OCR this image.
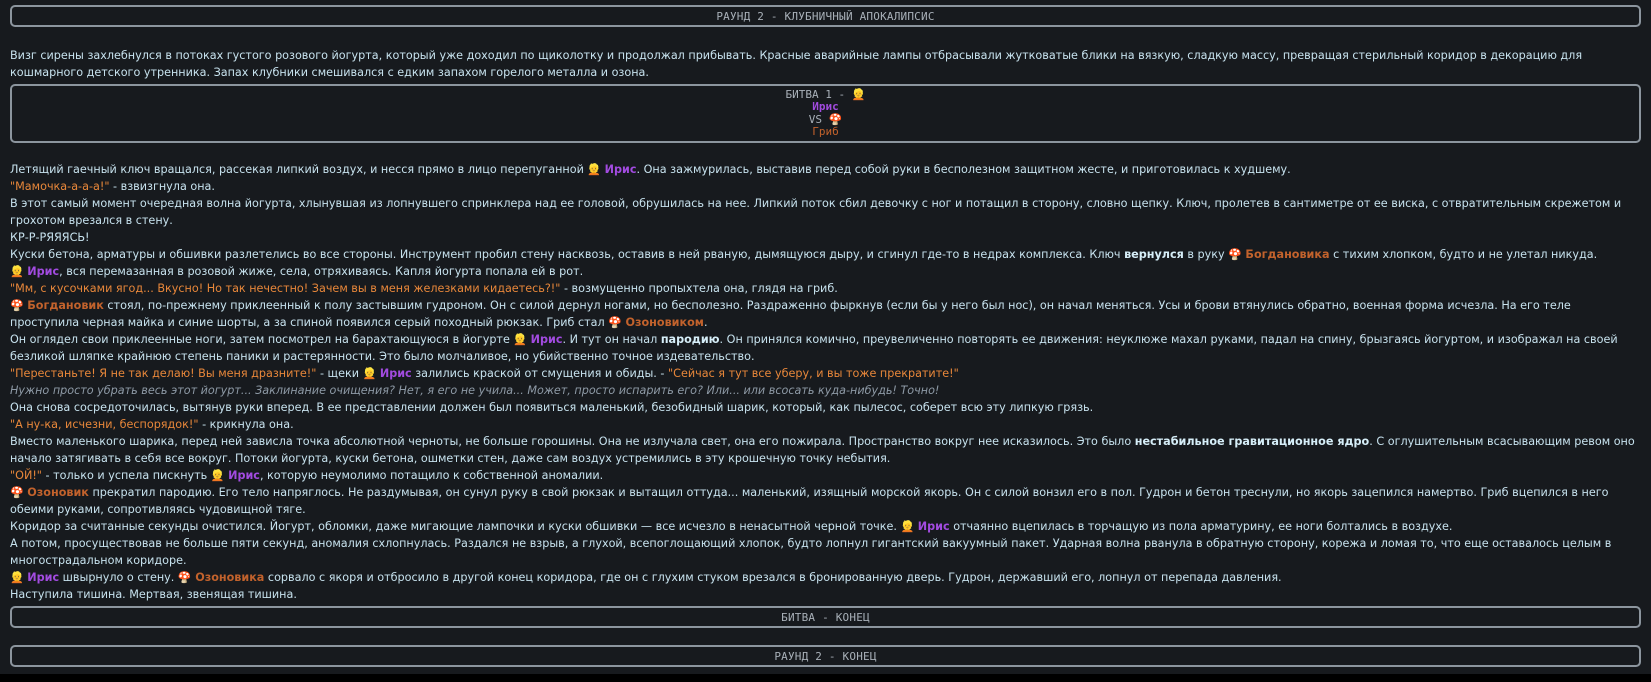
РАУНД 2 - КЛУБНИЧНЫЙ АПОКАЛИПСИС

Визг сирены захлебнулся в потоках густого розового йогурта, который уже доходил по щиколотку и продолжал прибывать. Красные аварийные лампы отбрасывали жутковатые блики на вязкую, сладкую массу, превращая стерильный коридор в декорацию для кошмарного детского утренника. Запах клубники смешивался с едким запахом горелого металла и озона.

БИТВА 1 - 👱
Ирис
VS 🍄
Гриб

Летящий гаечный ключ вращался, рассекая липкий воздух, и несся прямо в лицо перепуганной 👱 Ирис. Она зажмурилась, выставив перед собой руки в бесполезном защитном жесте, и приготовилась к худшему.

"Мамочка-а-а-а!" - взвизгнула она.

В этот самый момент очередная волна йогурта, хлынувшая из лопнувшего спринклера над ее головой, обрушилась на нее. Липкий поток сбил девочку с ног и потащил в сторону, словно щепку. Ключ, пролетев в сантиметре от ее виска, с отвратительным скрежетом и грохотом врезался в стену.

КР-Р-РЯЯЯСЬ!

Куски бетона, арматуры и обшивки разлетелись во все стороны. Инструмент пробил стену насквозь, оставив в ней рваную, дымящуюся дыру, и сгинул где-то в недрах комплекса. Ключ вернулся в руку 🍄 Богдановика с тихим хлопком, будто и не улетал никуда.

👱 Ирис, вся перемазанная в розовой жиже, села, отряхиваясь. Капля йогурта попала ей в рот.

"Мм, с кусочками ягод... Вкусно! Но так нечестно! Зачем вы в меня железками кидаетесь?!" - возмущенно пропыхтела она, глядя на гриб.

🍄 Богдановик стоял, по-прежнему приклеенный к полу застывшим гудроном. Он с силой дернул ногами, но бесполезно. Раздраженно фыркнув (если бы у него был нос), он начал меняться. Усы и брови втянулись обратно, военная форма исчезла. На его теле проступила черная майка и синие шорты, а за спиной появился серый походный рюкзак. Гриб стал 🍄 Озоновиком.

Он оглядел свои приклеенные ноги, затем посмотрел на барахтающуюся в йогурте 👱 Ирис. И тут он начал пародию. Он принялся комично, преувеличенно повторять ее движения: неуклюже махал руками, падал на спину, брызгаясь йогуртом, и изображал на своей безликой шляпке крайнюю степень паники и растерянности. Это было молчаливое, но убийственно точное издевательство.

"Перестаньте! Я не так делаю! Вы меня дразните!" - щеки 👱 Ирис залились краской от смущения и обиды. - "Сейчас я тут все уберу, и вы тоже прекратите!"

Нужно просто убрать весь этот йогурт... Заклинание очищения? Нет, я его не учила... Может, просто испарить его? Или... или всосать куда-нибудь! Точно!

Она снова сосредоточилась, вытянув руки вперед. В ее представлении должен был появиться маленький, безобидный шарик, который, как пылесос, соберет всю эту липкую грязь.

"А ну-ка, исчезни, беспорядок!" - крикнула она.

Вместо маленького шарика, перед ней зависла точка абсолютной черноты, не больше горошины. Она не излучала свет, она его пожирала. Пространство вокруг нее исказилось. Это было нестабильное гравитационное ядро. С оглушительным всасывающим ревом оно начало затягивать в себя все вокруг. Потоки йогурта, куски бетона, ошметки стен, даже сам воздух устремились в эту крошечную точку небытия.

"ОЙ!" - только и успела пискнуть 👱 Ирис, которую неумолимо потащило к собственной аномалии.

🍄 Озоновик прекратил пародию. Его тело напряглось. Не раздумывая, он сунул руку в свой рюкзак и вытащил оттуда... маленький, изящный морской якорь. Он с силой вонзил его в пол. Гудрон и бетон треснули, но якорь зацепился намертво. Гриб вцепился в него обеими руками, сопротивляясь чудовищной тяге.

Коридор за считанные секунды очистился. Йогурт, обломки, даже мигающие лампочки и куски обшивки — все исчезло в ненасытной черной точке. 👱 Ирис отчаянно вцепилась в торчащую из пола арматурину, ее ноги болтались в воздухе.

А потом, просуществовав не больше пяти секунд, аномалия схлопнулась. Раздался не взрыв, а глухой, всепоглощающий хлопок, будто лопнул гигантский вакуумный пакет. Ударная волна рванула в обратную сторону, корежа и ломая то, что еще оставалось целым в многострадальном коридоре.

👱 Ирис швырнуло о стену. 🍄 Озоновика сорвало с якоря и отбросило в другой конец коридора, где он с глухим стуком врезался в бронированную дверь. Гудрон, державший его, лопнул от перепада давления.

Наступила тишина. Мертвая, звенящая тишина.

БИТВА - КОНЕЦ
РАУНД 2 - КОНЕЦ
